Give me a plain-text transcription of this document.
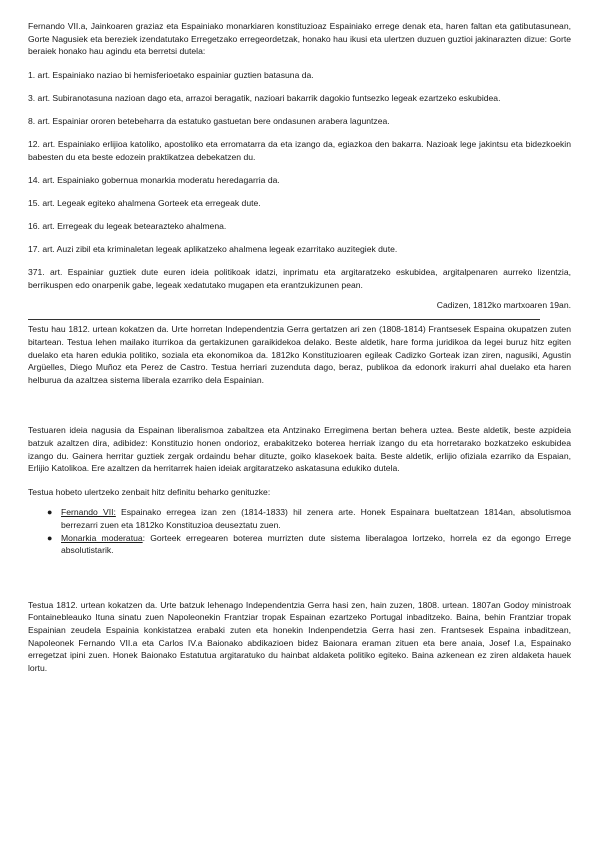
Fernando VII.a, Jainkoaren graziaz eta Espainiako monarkiaren konstituzioaz Espainiako errege denak eta, haren faltan eta gatibutasunean, Gorte Nagusiek eta bereziek izendatutako Erregetzako erregeordetzak, honako hau ikusi eta ulertzen duzuen guztioi jakinarazten dizue: Gorte beraiek honako hau agindu eta berretsi dutela:

1. art. Espainiako naziao bi hemisferioetako espainiar guztien batasuna da.

3. art. Subiranotasuna nazioan dago eta, arrazoi beragatik, nazioari bakarrik dagokio funtsezko legeak ezartzeko eskubidea.

8. art. Espainiar ororen betebeharra da estatuko gastuetan bere ondasunen arabera laguntzea.

12. art. Espainiako erlijioa katoliko, apostoliko eta erromatarra da eta izango da, egiazkoa den bakarra. Nazioak lege jakintsu eta bidezkoekin babesten du eta beste edozein praktikatzea debekatzen du.

14. art. Espainiako gobernua monarkia moderatu heredagarria da.

15. art. Legeak egiteko ahalmena Gorteek eta erregeak dute.

16. art. Erregeak du legeak betearazteko ahalmena.

17. art. Auzi zibil eta kriminaletan legeak aplikatzeko ahalmena legeak ezarritako auzitegiek dute.

371. art. Espainiar guztiek dute euren ideia politikoak idatzi, inprimatu eta argitaratzeko eskubidea, argitalpenaren aurreko lizentzia, berrikuspen edo onarpenik gabe, legeak xedatutako mugapen eta erantzukizunen pean.

Cadizen, 1812ko martxoaren 19an.

Testu hau 1812. urtean kokatzen da. Urte horretan Independentzia Gerra gertatzen ari zen (1808-1814) Frantsesek Espaina okupatzen zuten bitartean. Testua lehen mailako iturrikoa da gertakizunen garaikidekoa delako. Beste aldetik, hare forma juridikoa da legei buruz hitz egiten duelako eta haren edukia politiko, soziala eta ekonomikoa da. 1812ko Konstituzioaren egileak Cadizko Gorteak izan ziren, nagusiki, Agustin Argüelles, Diego Muñoz eta Perez de Castro. Testua herriari zuzenduta dago, beraz, publikoa da edonork irakurri ahal duelako eta haren helburua da azaltzea sistema liberala ezarriko dela Espainian.

Testuaren ideia nagusia da Espainan liberalismoa zabaltzea eta Antzinako Erregimena bertan behera uztea. Beste aldetik, beste azpideia batzuk azaltzen dira, adibidez: Konstituzio honen ondorioz, erabakitzeko boterea herriak izango du eta horretarako bozkatzeko eskubidea izango du. Gainera herritar guztiek zergak ordaindu behar dituzte, goiko klasekoek baita. Beste aldetik, erlijio ofiziala ezarriko da Espaian, Erlijio Katolikoa. Ere azaltzen da herritarrek haien ideiak argitaratzeko askatasuna edukiko dutela.

Testua hobeto ulertzeko zenbait hitz definitu beharko genituzke:

● Fernando VII: Espainako erregea izan zen (1814-1833) hil zenera arte. Honek Espainara bueltatzean 1814an, absolutismoa berrezarri zuen eta 1812ko Konstituzioa deuseztatu zuen.
● Monarkia moderatua: Gorteek erregearen boterea murrizten dute sistema liberalagoa lortzeko, horrela ez da egongo Errege absolutistarik.

Testua 1812. urtean kokatzen da. Urte batzuk lehenago Independentzia Gerra hasi zen, hain zuzen, 1808. urtean. 1807an Godoy ministroak Fontainebleauko Ituna sinatu zuen Napoleonekin Frantziar tropak Espainan ezartzeko Portugal inbaditzeko. Baina, behin Frantziar tropak Espainian zeudela Espainia konkistatzea erabaki zuten eta honekin Indenpendetzia Gerra hasi zen. Frantsesek Espaina inbaditzean, Napoleonek Fernando VII.a eta Carlos IV.a Baionako abdikazioen bidez Baionara eraman zituen eta bere anaia, Josef I.a, Espainako erregetzat ipini zuen. Honek Baionako Estatutua argitaratuko du hainbat aldaketa politiko egiteko. Baina azkenean ez ziren aldaketa hauek lortu.
